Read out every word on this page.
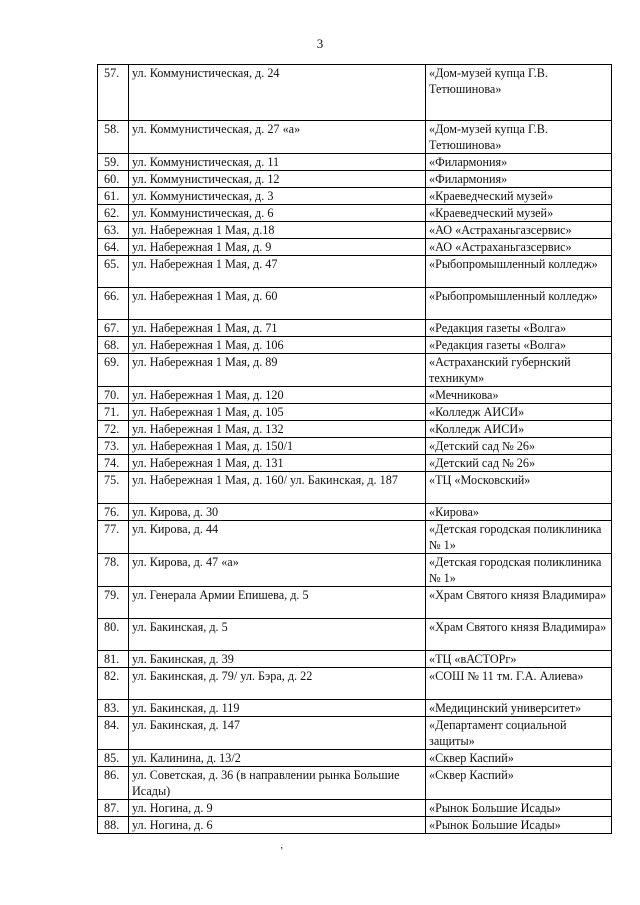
3
57.	ул. Коммунистическая, д. 24	«Дом-музей купца Г.В. Тетюшинова»
58.	ул. Коммунистическая, д. 27 «а»	«Дом-музей купца Г.В. Тетюшинова»
59.	ул. Коммунистическая, д. 11	«Филармония»
60.	ул. Коммунистическая, д. 12	«Филармония»
61.	ул. Коммунистическая, д. 3	«Краеведческий музей»
62.	ул. Коммунистическая, д. 6	«Краеведческий музей»
63.	ул. Набережная 1 Мая, д.18	«АО «Астраханьгазсервис»
64.	ул. Набережная 1 Мая, д. 9	«АО «Астраханьгазсервис»
65.	ул. Набережная 1 Мая, д. 47	«Рыбопромышленный колледж»
66.	ул. Набережная 1 Мая, д. 60	«Рыбопромышленный колледж»
67.	ул. Набережная 1 Мая, д. 71	«Редакция газеты «Волга»
68.	ул. Набережная 1 Мая, д. 106	«Редакция газеты «Волга»
69.	ул. Набережная 1 Мая, д. 89	«Астраханский губернский техникум»
70.	ул. Набережная 1 Мая, д. 120	«Мечникова»
71.	ул. Набережная 1 Мая, д. 105	«Колледж АИСИ»
72.	ул. Набережная 1 Мая, д. 132	«Колледж АИСИ»
73.	ул. Набережная 1 Мая, д. 150/1	«Детский сад № 26»
74.	ул. Набережная 1 Мая, д. 131	«Детский сад № 26»
75.	ул. Набережная 1 Мая, д. 160/ ул. Бакинская, д. 187	«ТЦ «Московский»
76.	ул. Кирова, д. 30	«Кирова»
77.	ул. Кирова, д. 44	«Детская городская поликлиника № 1»
78.	ул. Кирова, д. 47 «а»	«Детская городская поликлиника № 1»
79.	ул. Генерала Армии Епишева, д. 5	«Храм Святого князя Владимира»
80.	ул. Бакинская, д. 5	«Храм Святого князя Владимира»
81.	ул. Бакинская, д. 39	«ТЦ «вАСТОРг»
82.	ул. Бакинская, д. 79/ ул. Бэра, д. 22	«СОШ № 11 тм. Г.А. Алиева»
83.	ул. Бакинская, д. 119	«Медицинский университет»
84.	ул. Бакинская, д. 147	«Департамент социальной защиты»
85.	ул. Калинина, д. 13/2	«Сквер Каспий»
86.	ул. Советская, д. 36 (в направлении рынка Большие Исады)	«Сквер Каспий»
87.	ул. Ногина, д. 9	«Рынок Большие Исады»
88.	ул. Ногина, д. 6	«Рынок Большие Исады»
‚
